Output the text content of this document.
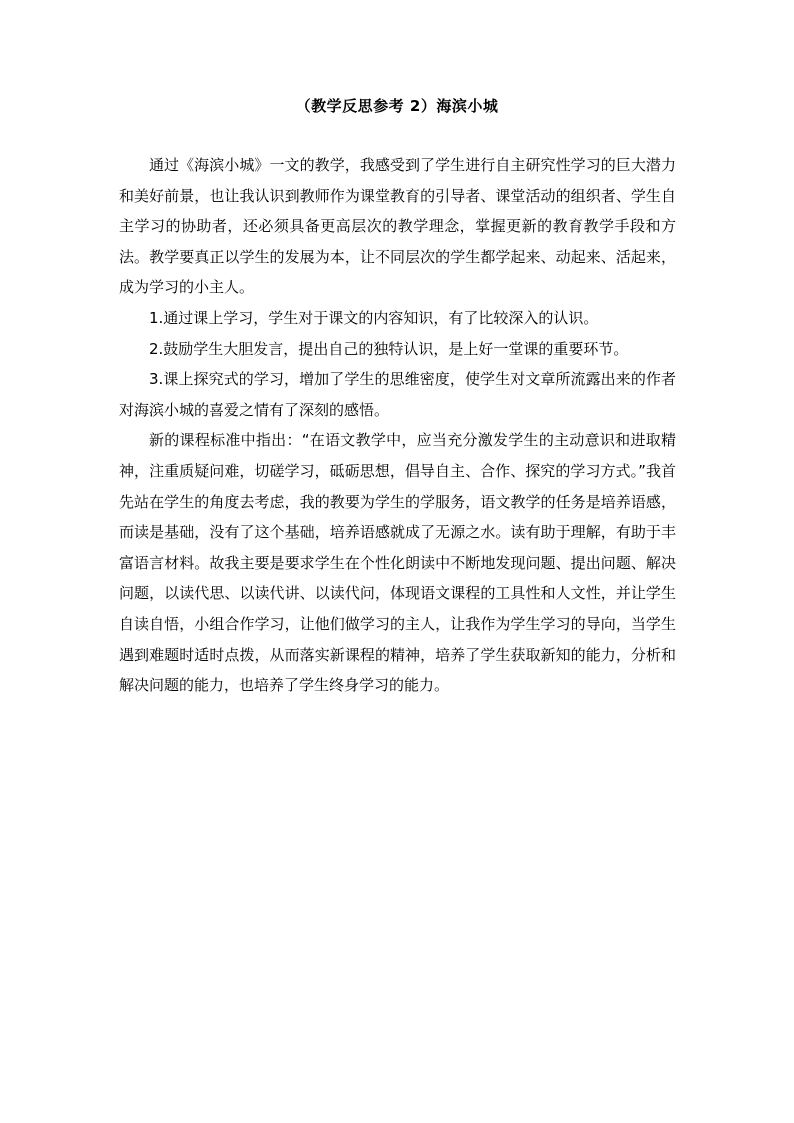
（教学反思参考 2）海滨小城

通过《海滨小城》一文的教学，我感受到了学生进行自主研究性学习的巨大潜力和美好前景，也让我认识到教师作为课堂教育的引导者、课堂活动的组织者、学生自主学习的协助者，还必须具备更高层次的教学理念，掌握更新的教育教学手段和方法。教学要真正以学生的发展为本，让不同层次的学生都学起来、动起来、活起来，成为学习的小主人。

1.通过课上学习，学生对于课文的内容知识，有了比较深入的认识。

2.鼓励学生大胆发言，提出自己的独特认识，是上好一堂课的重要环节。

3.课上探究式的学习，增加了学生的思维密度，使学生对文章所流露出来的作者对海滨小城的喜爱之情有了深刻的感悟。

新的课程标准中指出：“在语文教学中，应当充分激发学生的主动意识和进取精神，注重质疑问难，切磋学习，砥砺思想，倡导自主、合作、探究的学习方式。”我首先站在学生的角度去考虑，我的教要为学生的学服务，语文教学的任务是培养语感，而读是基础，没有了这个基础，培养语感就成了无源之水。读有助于理解，有助于丰富语言材料。故我主要是要求学生在个性化朗读中不断地发现问题、提出问题、解决问题，以读代思、以读代讲、以读代问，体现语文课程的工具性和人文性，并让学生自读自悟，小组合作学习，让他们做学习的主人，让我作为学生学习的导向，当学生遇到难题时适时点拨，从而落实新课程的精神，培养了学生获取新知的能力，分析和解决问题的能力，也培养了学生终身学习的能力。
